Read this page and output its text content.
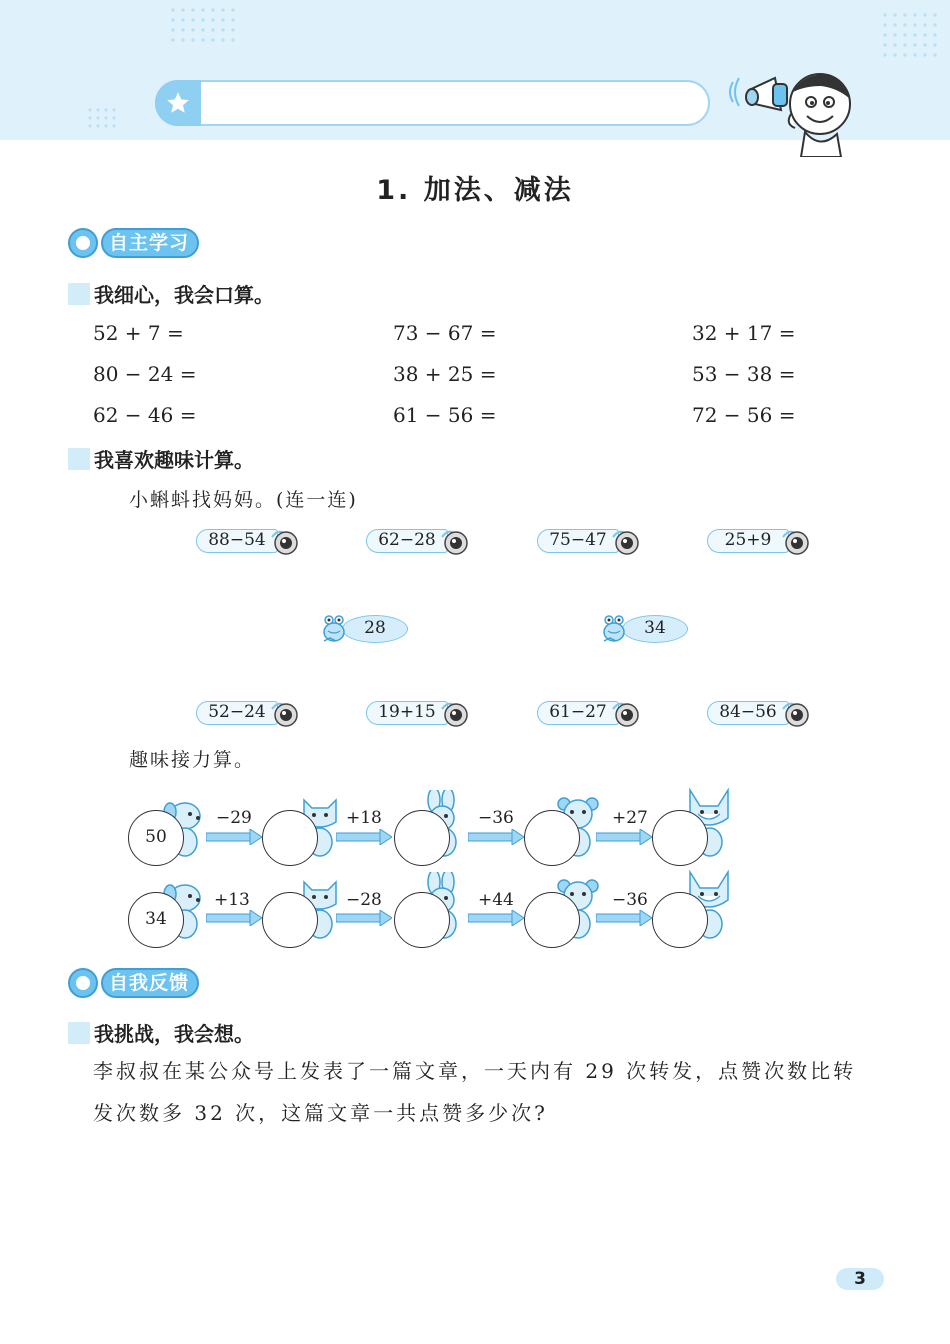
1. 加法、减法
自主学习
我细心，我会口算。
52 + 7 =	73 − 67 =	32 + 17 =
80 − 24 =	38 + 25 =	53 − 38 =
62 − 46 =	61 − 56 =	72 − 56 =
我喜欢趣味计算。
小蝌蚪找妈妈。(连一连)
88−54	62−28	75−47	25+9
28	34
52−24	19+15	61−27	84−56
趣味接力算。
50
−29	+18	−36	+27
34
+13	−28	+44	−36
自我反馈
我挑战，我会想。
李叔叔在某公众号上发表了一篇文章，一天内有 29 次转发，点赞次数比转
发次数多 32 次，这篇文章一共点赞多少次?
3
